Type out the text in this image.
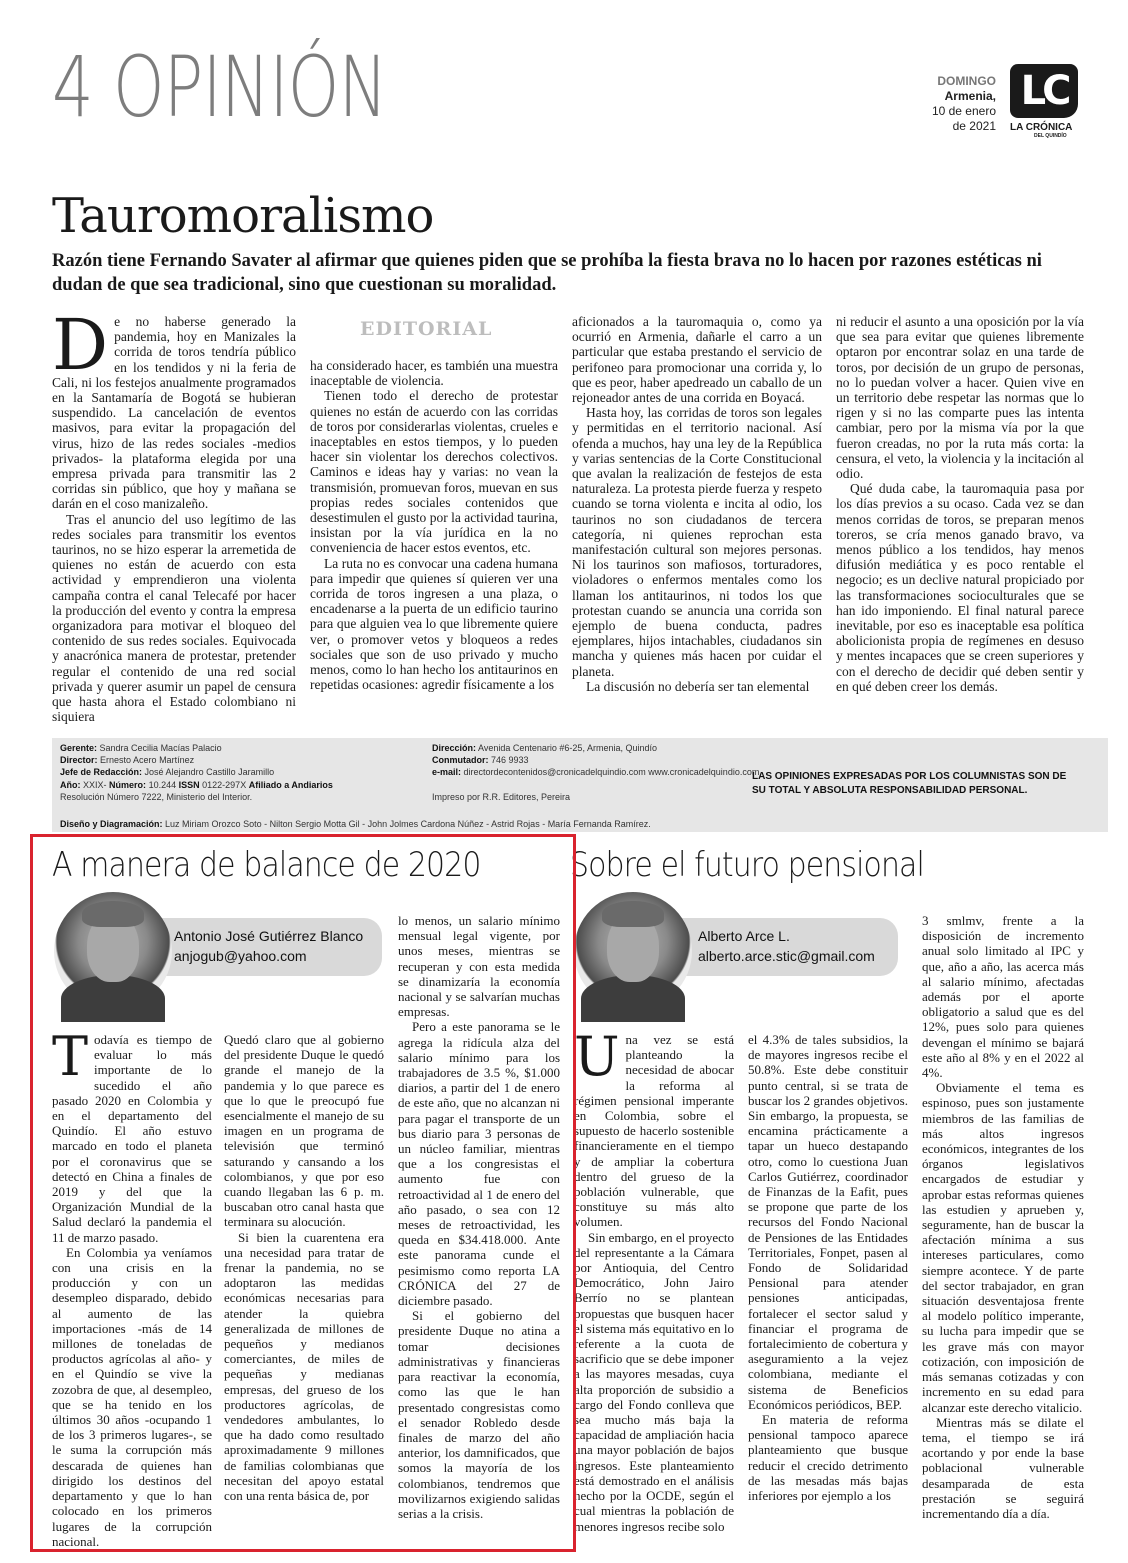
4 OPINIÓN	DOMINGO
Armenia,
10 de enero
de 2021
LC
LA CRÓNICA
DEL QUINDÍO
Tauromoralismo
Razón tiene Fernando Savater al afirmar que quienes piden que se prohíba la fiesta brava no lo hacen por razones estéticas ni dudan de que sea tradicional, sino que cuestionan su moralidad.
EDITORIAL
D e no haberse generado la pandemia, hoy en Manizales la corrida de toros tendría público en los tendidos y ni la feria de Cali, ni los festejos anualmente programados en la Santamaría de Bogotá se hubieran suspendido. La cancelación de eventos masivos, para evitar la propagación del virus, hizo de las redes sociales -medios privados- la plataforma elegida por una empresa privada para transmitir las 2 corridas sin público, que hoy y mañana se darán en el coso manizaleño.

Tras el anuncio del uso legítimo de las redes sociales para transmitir los eventos taurinos, no se hizo esperar la arremetida de quienes no están de acuerdo con esta actividad y emprendieron una violenta campaña contra el canal Telecafé por hacer la producción del evento y contra la empresa organizadora para motivar el bloqueo del contenido de sus redes sociales. Equivocada y anacrónica manera de protestar, pretender regular el contenido de una red social privada y querer asumir un papel de censura que hasta ahora el Estado colombiano ni siquiera

ha considerado hacer, es también una muestra inaceptable de violencia.

Tienen todo el derecho de protestar quienes no están de acuerdo con las corridas de toros por considerarlas violentas, crueles e inaceptables en estos tiempos, y lo pueden hacer sin violentar los derechos colectivos. Caminos e ideas hay y varias: no vean la transmisión, promuevan foros, muevan en sus propias redes sociales contenidos que desestimulen el gusto por la actividad taurina, insistan por la vía jurídica en la no conveniencia de hacer estos eventos, etc.

La ruta no es convocar una cadena humana para impedir que quienes sí quieren ver una corrida de toros ingresen a una plaza, o encadenarse a la puerta de un edificio taurino para que alguien vea lo que libremente quiere ver, o promover vetos y bloqueos a redes sociales que son de uso privado y mucho menos, como lo han hecho los antitaurinos en repetidas ocasiones: agredir físicamente a los

aficionados a la tauromaquia o, como ya ocurrió en Armenia, dañarle el carro a un particular que estaba prestando el servicio de perifoneo para promocionar una corrida y, lo que es peor, haber apedreado un caballo de un rejoneador antes de una corrida en Boyacá.

Hasta hoy, las corridas de toros son legales y permitidas en el territorio nacional. Así ofenda a muchos, hay una ley de la República y varias sentencias de la Corte Constitucional que avalan la realización de festejos de esta naturaleza. La protesta pierde fuerza y respeto cuando se torna violenta e incita al odio, los taurinos no son ciudadanos de tercera categoría, ni quienes reprochan esta manifestación cultural son mejores personas. Ni los taurinos son mafiosos, torturadores, violadores o enfermos mentales como los llaman los antitaurinos, ni todos los que protestan cuando se anuncia una corrida son ejemplo de buena conducta, padres ejemplares, hijos intachables, ciudadanos sin mancha y quienes más hacen por cuidar el planeta.

La discusión no debería ser tan elemental

ni reducir el asunto a una oposición por la vía que sea para evitar que quienes libremente optaron por encontrar solaz en una tarde de toros, por decisión de un grupo de personas, no lo puedan volver a hacer. Quien vive en un territorio debe respetar las normas que lo rigen y si no las comparte pues las intenta cambiar, pero por la misma vía por la que fueron creadas, no por la ruta más corta: la censura, el veto, la violencia y la incitación al odio.

Qué duda cabe, la tauromaquia pasa por los días previos a su ocaso. Cada vez se dan menos corridas de toros, se preparan menos toreros, se cría menos ganado bravo, va menos público a los tendidos, hay menos difusión mediática y es poco rentable el negocio; es un declive natural propiciado por las transformaciones socioculturales que se han ido imponiendo. El final natural parece inevitable, por eso es inaceptable esa política abolicionista propia de regímenes en desuso y mentes incapaces que se creen superiores y con el derecho de decidir qué deben sentir y en qué deben creer los demás.

Gerente: Sandra Cecilia Macías Palacio
Director: Ernesto Acero Martínez
Jefe de Redacción: José Alejandro Castillo Jaramillo
Año: XXIX- Número: 10.244 ISSN 0122-297X Afiliado a Andiarios
Resolución Número 7222, Ministerio del Interior.
Dirección: Avenida Centenario #6-25, Armenia, Quindío
Conmutador: 746 9933
e-mail: directordecontenidos@cronicadelquindio.com www.cronicadelquindio.com

Impreso por R.R. Editores, Pereira
LAS OPINIONES EXPRESADAS POR LOS COLUMNISTAS SON DE SU TOTAL Y ABSOLUTA RESPONSABILIDAD PERSONAL.
Diseño y Diagramación: Luz Miriam Orozco Soto - Nilton Sergio Motta Gil - John Jolmes Cardona Núñez - Astrid Rojas - María Fernanda Ramírez.
A manera de balance de 2020
Antonio José Gutiérrez Blanco
anjogub@yahoo.com
T odavía es tiempo de evaluar lo más importante de lo sucedido el año pasado 2020 en Colombia y en el departamento del Quindío. El año estuvo marcado en todo el planeta por el coronavirus que se detectó en China a finales de 2019 y del que la Organización Mundial de la Salud declaró la pandemia el 11 de marzo pasado.

En Colombia ya veníamos con una crisis en la producción y con un desempleo disparado, debido al aumento de las importaciones -más de 14 millones de toneladas de productos agrícolas al año- y en el Quindío se vive la zozobra de que, al desempleo, que se ha tenido en los últimos 30 años -ocupando 1 de los 3 primeros lugares-, se le suma la corrupción más descarada de quienes han dirigido los destinos del departamento y que lo han colocado en los primeros lugares de la corrupción nacional.

Quedó claro que al gobierno del presidente Duque le quedó grande el manejo de la pandemia y lo que parece es que lo que le preocupó fue esencialmente el manejo de su imagen en un programa de televisión que terminó saturando y cansando a los colombianos, y que por eso cuando llegaban las 6 p. m. buscaban otro canal hasta que terminara su alocución.

Si bien la cuarentena era una necesidad para tratar de frenar la pandemia, no se adoptaron las medidas económicas necesarias para atender la quiebra generalizada de millones de pequeños y medianos comerciantes, de miles de pequeñas y medianas empresas, del grueso de los productores agrícolas, de vendedores ambulantes, lo que ha dado como resultado aproximadamente 9 millones de familias colombianas que necesitan del apoyo estatal con una renta básica de, por

lo menos, un salario mínimo mensual legal vigente, por unos meses, mientras se recuperan y con esta medida se dinamizaría la economía nacional y se salvarían muchas empresas.

Pero a este panorama se le agrega la ridícula alza del salario mínimo para los trabajadores de 3.5 %, $1.000 diarios, a partir del 1 de enero de este año, que no alcanzan ni para pagar el transporte de un bus diario para 3 personas de un núcleo familiar, mientras que a los congresistas el aumento fue con retroactividad al 1 de enero del año pasado, o sea con 12 meses de retroactividad, les queda en $34.418.000. Ante este panorama cunde el pesimismo como reporta LA CRÓNICA del 27 de diciembre pasado.

Si el gobierno del presidente Duque no atina a tomar decisiones administrativas y financieras para reactivar la economía, como las que le han presentado congresistas como el senador Robledo desde finales de marzo del año anterior, los damnificados, que somos la mayoría de los colombianos, tendremos que movilizarnos exigiendo salidas serias a la crisis.

Sobre el futuro pensional
Alberto Arce L.
alberto.arce.stic@gmail.com
U na vez se está planteando la necesidad de abocar la reforma al régimen pensional imperante en Colombia, sobre el supuesto de hacerlo sostenible financieramente en el tiempo y de ampliar la cobertura dentro del grueso de la población vulnerable, que constituye su más alto volumen.

Sin embargo, en el proyecto del representante a la Cámara por Antioquia, del Centro Democrático, John Jairo Berrío no se plantean propuestas que busquen hacer el sistema más equitativo en lo referente a la cuota de sacrificio que se debe imponer a las mayores mesadas, cuya alta proporción de subsidio a cargo del Fondo conlleva que sea mucho más baja la capacidad de ampliación hacia una mayor población de bajos ingresos. Este planteamiento está demostrado en el análisis hecho por la OCDE, según el cual mientras la población de menores ingresos recibe solo

el 4.3% de tales subsidios, la de mayores ingresos recibe el 50.8%. Este debe constituir punto central, si se trata de buscar los 2 grandes objetivos. Sin embargo, la propuesta, se encamina prácticamente a tapar un hueco destapando otro, como lo cuestiona Juan Carlos Gutiérrez, coordinador de Finanzas de la Eafit, pues se propone que parte de los recursos del Fondo Nacional de Pensiones de las Entidades Territoriales, Fonpet, pasen al Fondo de Solidaridad Pensional para atender pensiones anticipadas, fortalecer el sector salud y financiar el programa de fortalecimiento de cobertura y aseguramiento a la vejez colombiana, mediante el sistema de Beneficios Económicos periódicos, BEP.

En materia de reforma pensional tampoco aparece planteamiento que busque reducir el crecido detrimento de las mesadas más bajas inferiores por ejemplo a los

3 smlmv, frente a la disposición de incremento anual solo limitado al IPC y que, año a año, las acerca más al salario mínimo, afectadas además por el aporte obligatorio a salud que es del 12%, pues solo para quienes devengan el mínimo se bajará este año al 8% y en el 2022 al 4%.

Obviamente el tema es espinoso, pues son justamente miembros de las familias de más altos ingresos económicos, integrantes de los órganos legislativos encargados de estudiar y aprobar estas reformas quienes las estudien y aprueben y, seguramente, han de buscar la afectación mínima a sus intereses particulares, como siempre acontece. Y de parte del sector trabajador, en gran situación desventajosa frente al modelo político imperante, su lucha para impedir que se les grave más con mayor cotización, con imposición de más semanas cotizadas y con incremento en su edad para alcanzar este derecho vitalicio.

Mientras más se dilate el tema, el tiempo se irá acortando y por ende la base poblacional vulnerable desamparada de esta prestación se seguirá incrementando día a día.
